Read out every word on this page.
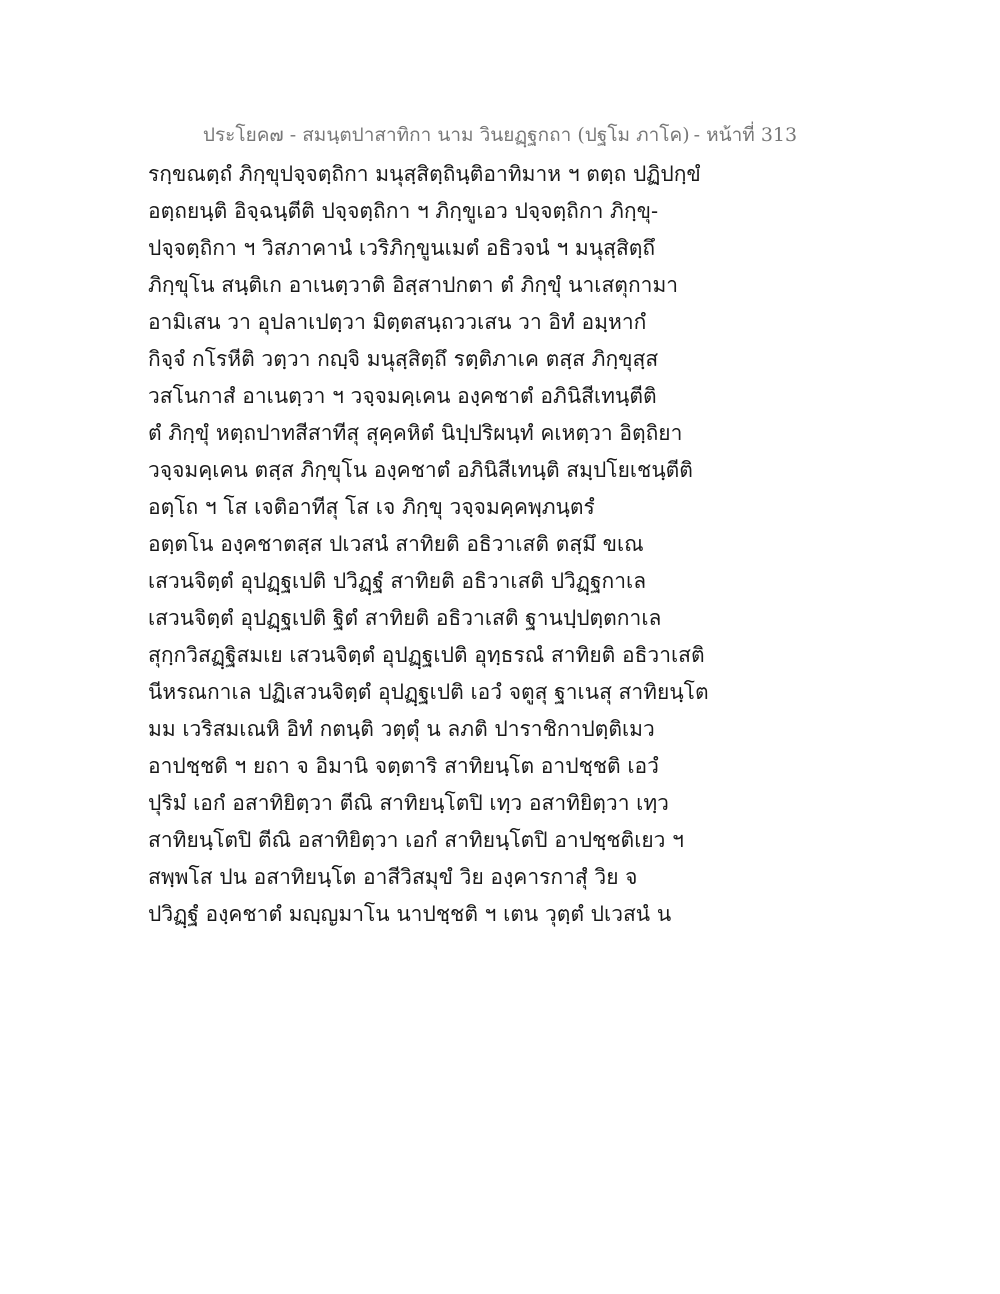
ประโยค๗ - สมนฺตปาสาทิกา นาม วินยฏฺฐกถา (ปฐโม ภาโค) - หน้าที่ 313
รกฺขณตฺถํ ภิกฺขุปจฺจตฺถิกา มนุสฺสิตฺถินฺติอาทิมาห ฯ ตตฺถ ปฏิปกฺขํ
อตฺถยนฺติ อิจฺฉนฺตีติ ปจฺจตฺถิกา ฯ ภิกฺขูเอว ปจฺจตฺถิกา ภิกฺขุ-
ปจฺจตฺถิกา ฯ วิสภาคานํ เวริภิกฺขูนเมตํ อธิวจนํ ฯ มนุสฺสิตฺถึ
ภิกฺขุโน สนฺติเก อาเนตฺวาติ อิสฺสาปกตา ตํ ภิกฺขุํ นาเสตุกามา
อามิเสน วา อุปลาเปตฺวา มิตฺตสนฺถววเสน วา อิทํ อมฺหากํ
กิจฺจํ กโรหีติ วตฺวา กญฺจิ มนุสฺสิตฺถึ รตฺติภาเค ตสฺส ภิกฺขุสฺส
วสโนกาสํ อาเนตฺวา ฯ วจฺจมคฺเคน องฺคชาตํ อภินิสีเทนฺตีติ
ตํ ภิกฺขุํ หตฺถปาทสีสาทีสุ สุคฺคหิตํ นิปฺปริผนฺทํ คเหตฺวา อิตฺถิยา
วจฺจมคฺเคน ตสฺส ภิกฺขุโน องฺคชาตํ อภินิสีเทนฺติ สมฺปโยเชนฺตีติ
อตฺโถ ฯ โส เจติอาทีสุ โส เจ ภิกฺขุ วจฺจมคฺคพฺภนฺตรํ
อตฺตโน องฺคชาตสฺส ปเวสนํ สาทิยติ อธิวาเสติ ตสฺมึ ขเณ
เสวนจิตฺตํ อุปฏฺฐเปติ ปวิฏฺฐํ สาทิยติ อธิวาเสติ ปวิฏฺฐกาเล
เสวนจิตฺตํ อุปฏฺฐเปติ ฐิตํ สาทิยติ อธิวาเสติ ฐานปฺปตฺตกาเล
สุกฺกวิสฏฺฐิสมเย เสวนจิตฺตํ อุปฏฺฐเปติ อุทฺธรณํ สาทิยติ อธิวาเสติ
นีหรณกาเล ปฏิเสวนจิตฺตํ อุปฏฺฐเปติ เอวํ จตูสุ ฐาเนสุ สาทิยนฺโต
มม เวริสมเณหิ อิทํ กตนฺติ วตฺตุํ น ลภติ ปาราชิกาปตฺติเมว
อาปชฺชติ ฯ ยถา จ อิมานิ จตฺตาริ สาทิยนฺโต อาปชฺชติ เอวํ
ปุริมํ เอกํ อสาทิยิตฺวา ตีณิ สาทิยนฺโตปิ เทฺว อสาทิยิตฺวา เทฺว
สาทิยนฺโตปิ ตีณิ อสาทิยิตฺวา เอกํ สาทิยนฺโตปิ อาปชฺชติเยว ฯ
สพฺพโส ปน อสาทิยนฺโต อาสีวิสมุขํ วิย องฺคารกาสุํ วิย จ
ปวิฏฺฐํ องฺคชาตํ มญฺญมาโน นาปชฺชติ ฯ เตน วุตฺตํ ปเวสนํ น
